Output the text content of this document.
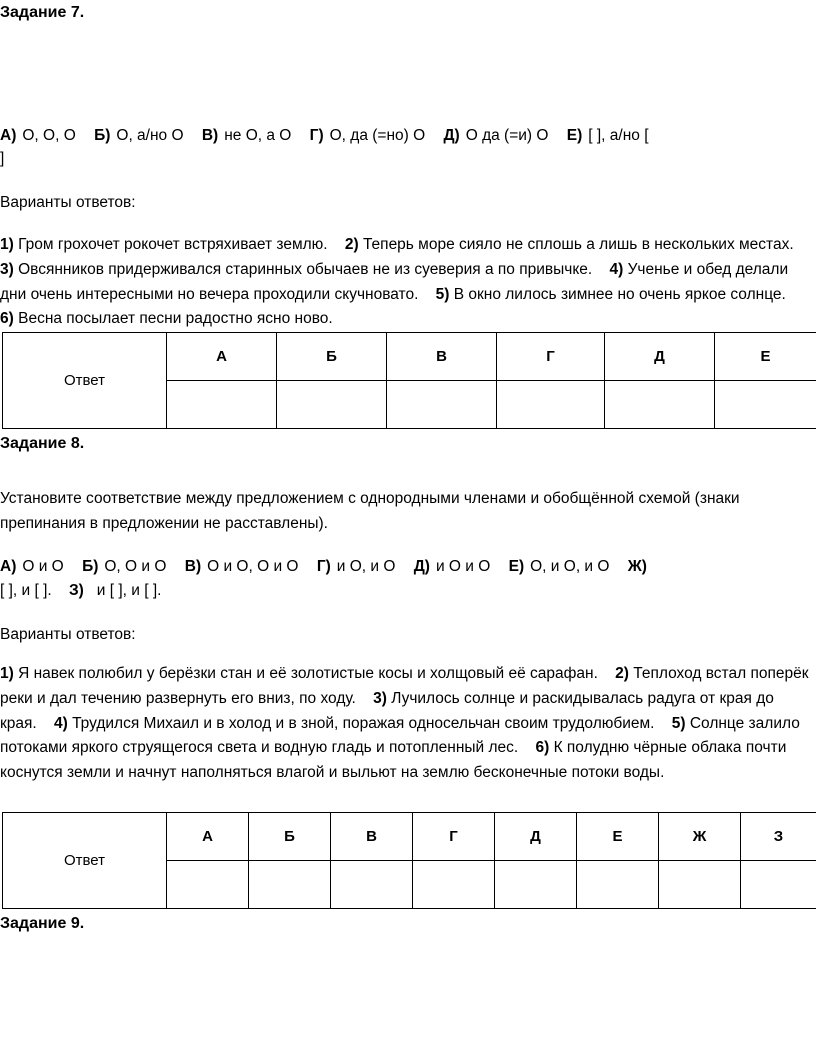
Задание 7.
А) О, О, О Б) О, а/но О В) не О, а О Г) О, да (=но) О Д) О да (=и) О Е) [ ], а/но [
]
Варианты ответов:
1) Гром грохочет рокочет встряхивает землю. 2) Теперь море сияло не сплошь а лишь в нескольких местах.    3) Овсянников придерживался старинных обычаев не из суеверия а по привычке. 4) Ученье и обед делали дни очень интересными но вечера проходили скучновато. 5) В окно лилось зимнее но очень яркое солнце.    6) Весна посылает песни радостно ясно ново.
Ответ	А	Б	В	Г	Д	Е

Задание 8.
Установите соответствие между предложением с однородными членами и обобщённой схемой (знаки препинания в предложении не расставлены).
А) О и О Б) О, О и О В) О и О, О и О Г) и О, и О Д) и О и О Е) О, и О, и О Ж)
[ ], и [ ]. З) и [ ], и [ ].
Варианты ответов:
1) Я навек полюбил у берёзки стан и её золотистые косы и холщовый её сарафан. 2) Теплоход встал поперёк реки и дал течению развернуть его вниз, по ходу. 3) Лучилось солнце и раскидывалась радуга от края до края. 4) Трудился Михаил и в холод и в зной, поражая односельчан своим трудолюбием. 5) Солнце залило потоками яркого струящегося света и водную гладь и потопленный лес. 6) К полудню чёрные облака почти коснутся земли и начнут наполняться влагой и выльют на землю бесконечные потоки воды.
Ответ	А	Б	В	Г	Д	Е	Ж	З

Задание 9.
